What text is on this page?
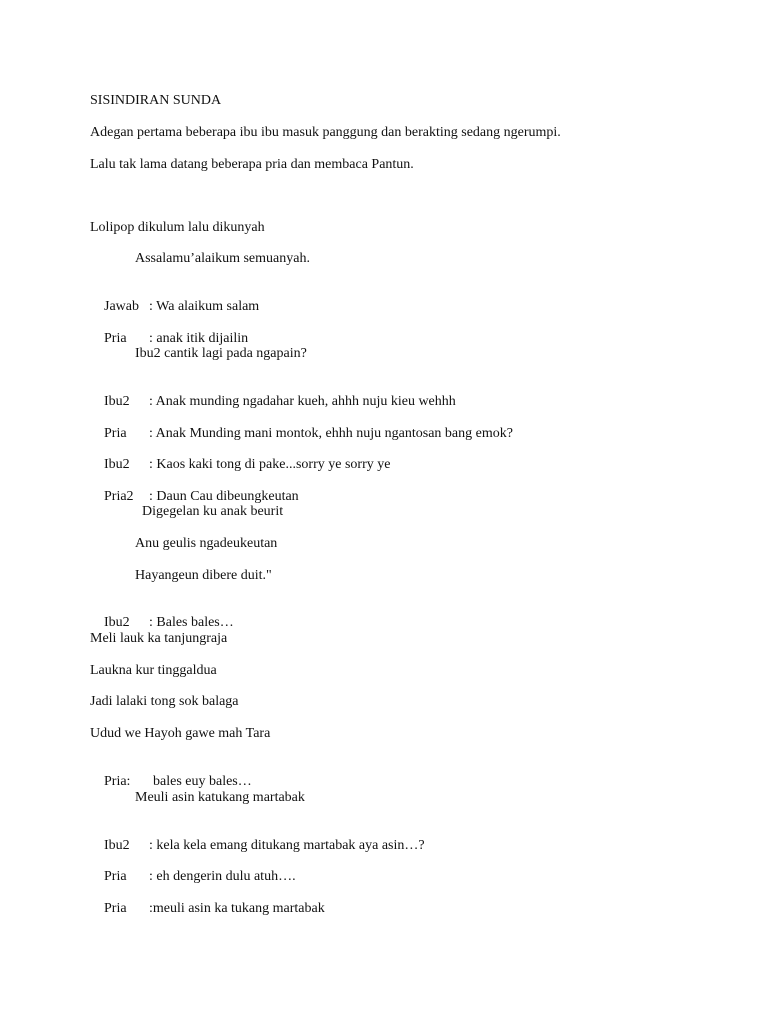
SISINDIRAN SUNDA
Adegan pertama beberapa ibu ibu masuk panggung dan berakting sedang ngerumpi.
Lalu tak lama datang beberapa pria dan membaca Pantun.
Lolipop dikulum lalu dikunyah
Assalamu’alaikum semuanyah.

Jawab : Wa alaikum salam

Pria : anak itik dijailin

Ibu2 cantik lagi pada ngapain?

Ibu2 : Anak munding ngadahar kueh, ahhh nuju kieu wehhh

Pria : Anak Munding mani montok, ehhh nuju ngantosan bang emok?

Ibu2 : Kaos kaki tong di pake...sorry ye sorry ye

Pria2 : Daun Cau dibeungkeutan

Digegelan ku anak beurit
Anu geulis ngadeukeutan
Hayangeun dibere duit."

Ibu2 : Bales bales…

Meli lauk ka tanjungraja
Laukna kur tinggaldua
Jadi lalaki tong sok balaga
Udud we Hayoh gawe mah Tara

Pria: bales euy bales…

Meuli asin katukang martabak

Ibu2 : kela kela emang ditukang martabak aya asin…?

Pria : eh dengerin dulu atuh….

Pria :meuli asin ka tukang martabak
